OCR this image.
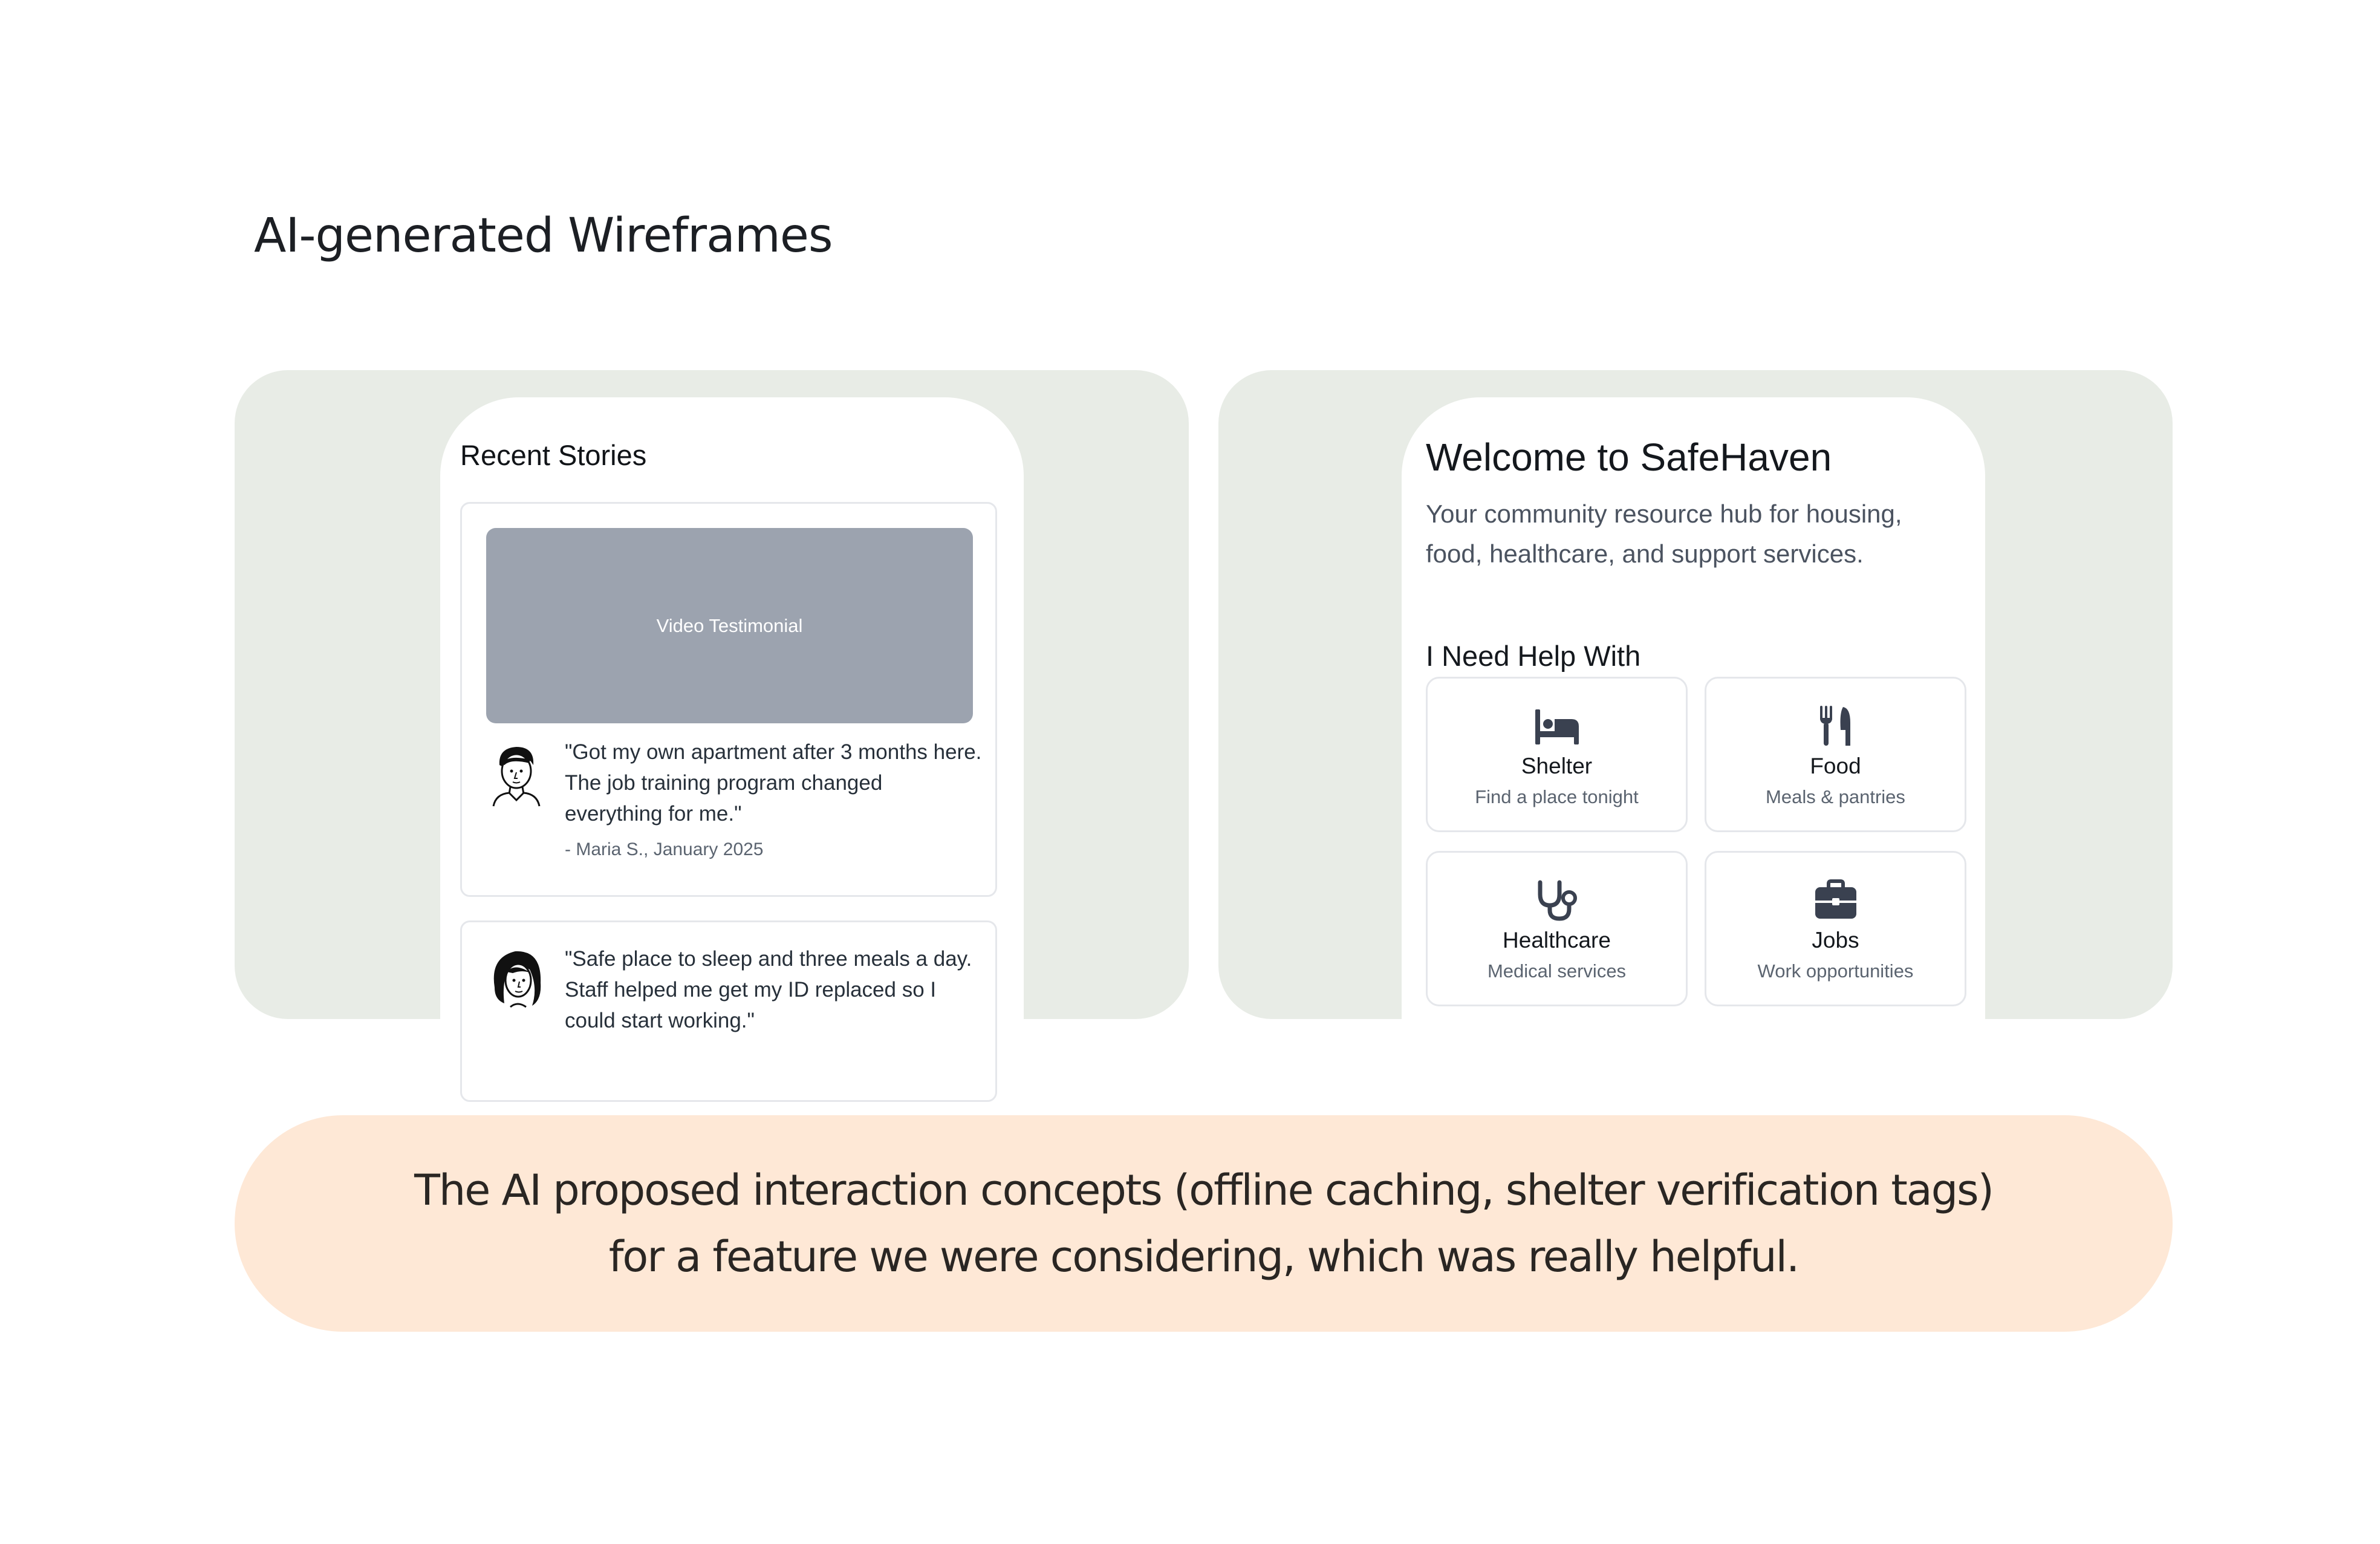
AI-generated Wireframes
Recent Stories
Video Testimonial

"Got my own apartment after 3 months here. The job training program changed everything for me."

- Maria S., January 2025

"Safe place to sleep and three meals a day. Staff helped me get my ID replaced so I could start working."

Welcome to SafeHaven

Your community resource hub for housing, food, healthcare, and support services.

I Need Help With
Shelter
Find a place tonight
Food
Meals & pantries
Healthcare
Medical services
Jobs
Work opportunities
The AI proposed interaction concepts (offline caching, shelter verification tags)
for a feature we were considering, which was really helpful.
